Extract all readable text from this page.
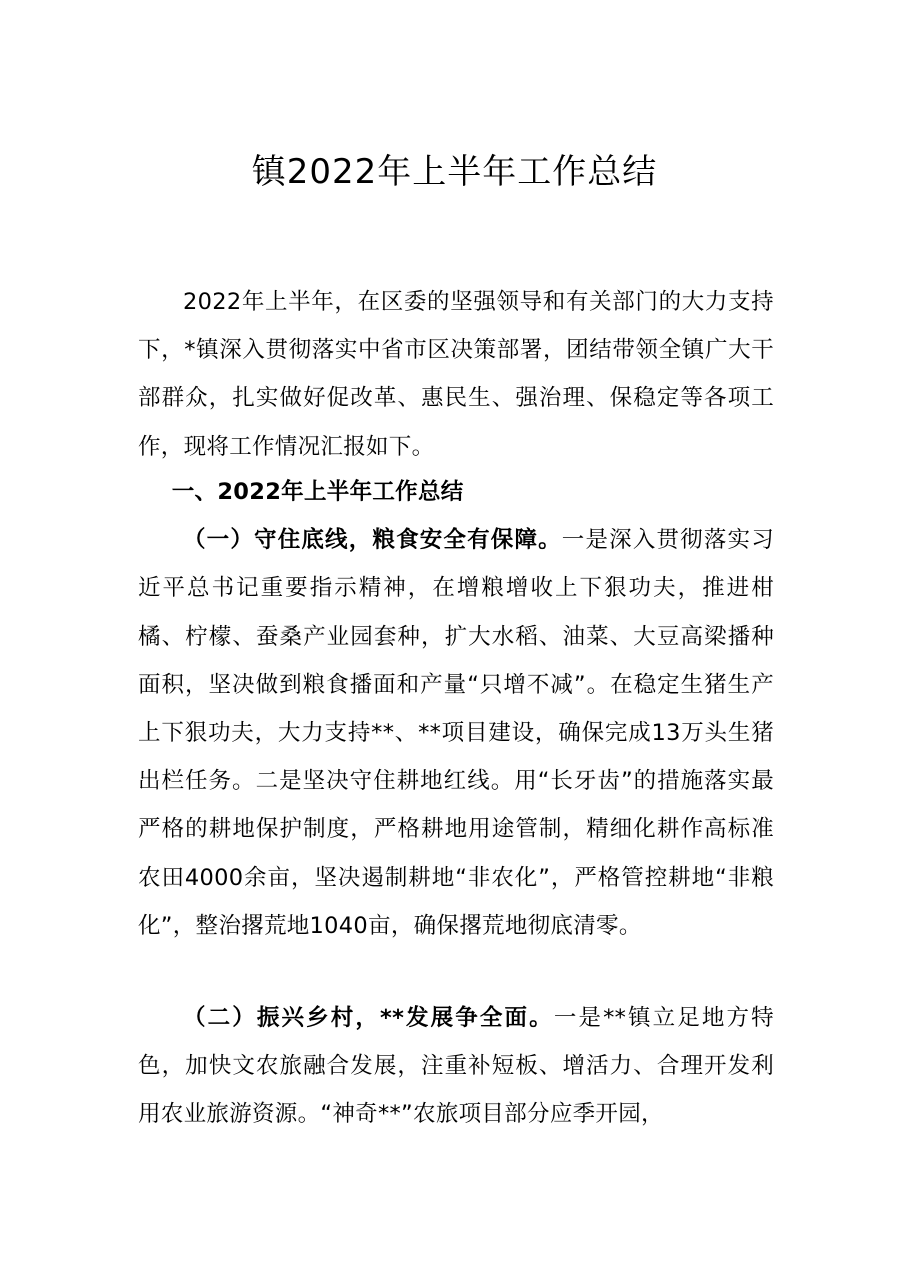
镇2022年上半年工作总结

2022年上半年，在区委的坚强领导和有关部门的大力支持下，*镇深入贯彻落实中省市区决策部署，团结带领全镇广大干部群众，扎实做好促改革、惠民生、强治理、保稳定等各项工作，现将工作情况汇报如下。

一、2022年上半年工作总结

（一）守住底线，粮食安全有保障。一是深入贯彻落实习近平总书记重要指示精神，在增粮增收上下狠功夫，推进柑橘、柠檬、蚕桑产业园套种，扩大水稻、油菜、大豆高梁播种面积，坚决做到粮食播面和产量“只增不减”。在稳定生猪生产上下狠功夫，大力支持**、**项目建设，确保完成13万头生猪出栏任务。二是坚决守住耕地红线。用“长牙齿”的措施落实最严格的耕地保护制度，严格耕地用途管制，精细化耕作高标准农田4000余亩，坚决遏制耕地“非农化”，严格管控耕地“非粮化”，整治撂荒地1040亩，确保撂荒地彻底清零。

（二）振兴乡村，**发展争全面。一是**镇立足地方特色，加快文农旅融合发展，注重补短板、增活力、合理开发利用农业旅游资源。“神奇**”农旅项目部分应季开园，
